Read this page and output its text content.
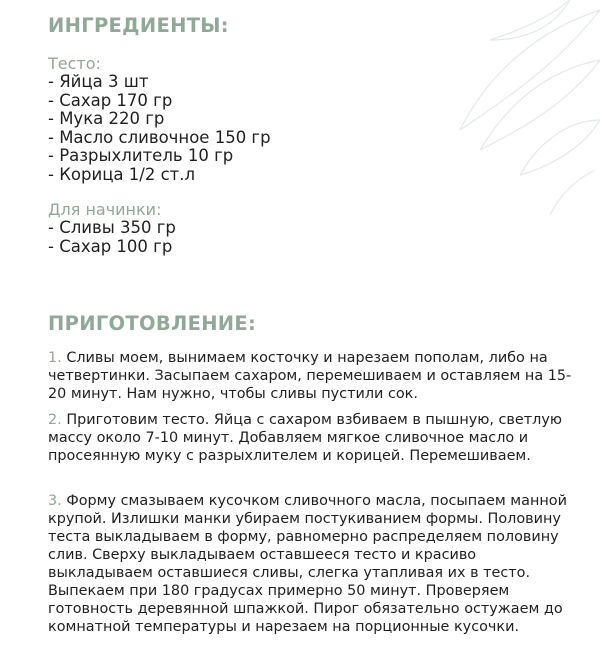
ИНГРЕДИЕНТЫ:
Тесто:
- Яйца 3 шт
- Сахар 170 гр
- Мука 220 гр
- Масло сливочное 150 гр
- Разрыхлитель 10 гр
- Корица 1/2 ст.л
Для начинки:
- Сливы 350 гр
- Сахар 100 гр
ПРИГОТОВЛЕНИЕ:

1. Сливы моем, вынимаем косточку и нарезаем пополам, либо на четвертинки. Засыпаем сахаром, перемешиваем и оставляем на 15-20 минут. Нам нужно, чтобы сливы пустили сок.

2. Приготовим тесто. Яйца с сахаром взбиваем в пышную, светлую массу около 7-10 минут. Добавляем мягкое сливочное масло и просеянную муку с разрыхлителем и корицей. Перемешиваем.

3. Форму смазываем кусочком сливочного масла, посыпаем манной крупой. Излишки манки убираем постукиванием формы. Половину теста выкладываем в форму, равномерно распределяем половину слив. Сверху выкладываем оставшееся тесто и красиво выкладываем оставшиеся сливы, слегка утапливая их в тесто. Выпекаем при 180 градусах примерно 50 минут. Проверяем готовность деревянной шпажкой. Пирог обязательно остужаем до комнатной температуры и нарезаем на порционные кусочки.
